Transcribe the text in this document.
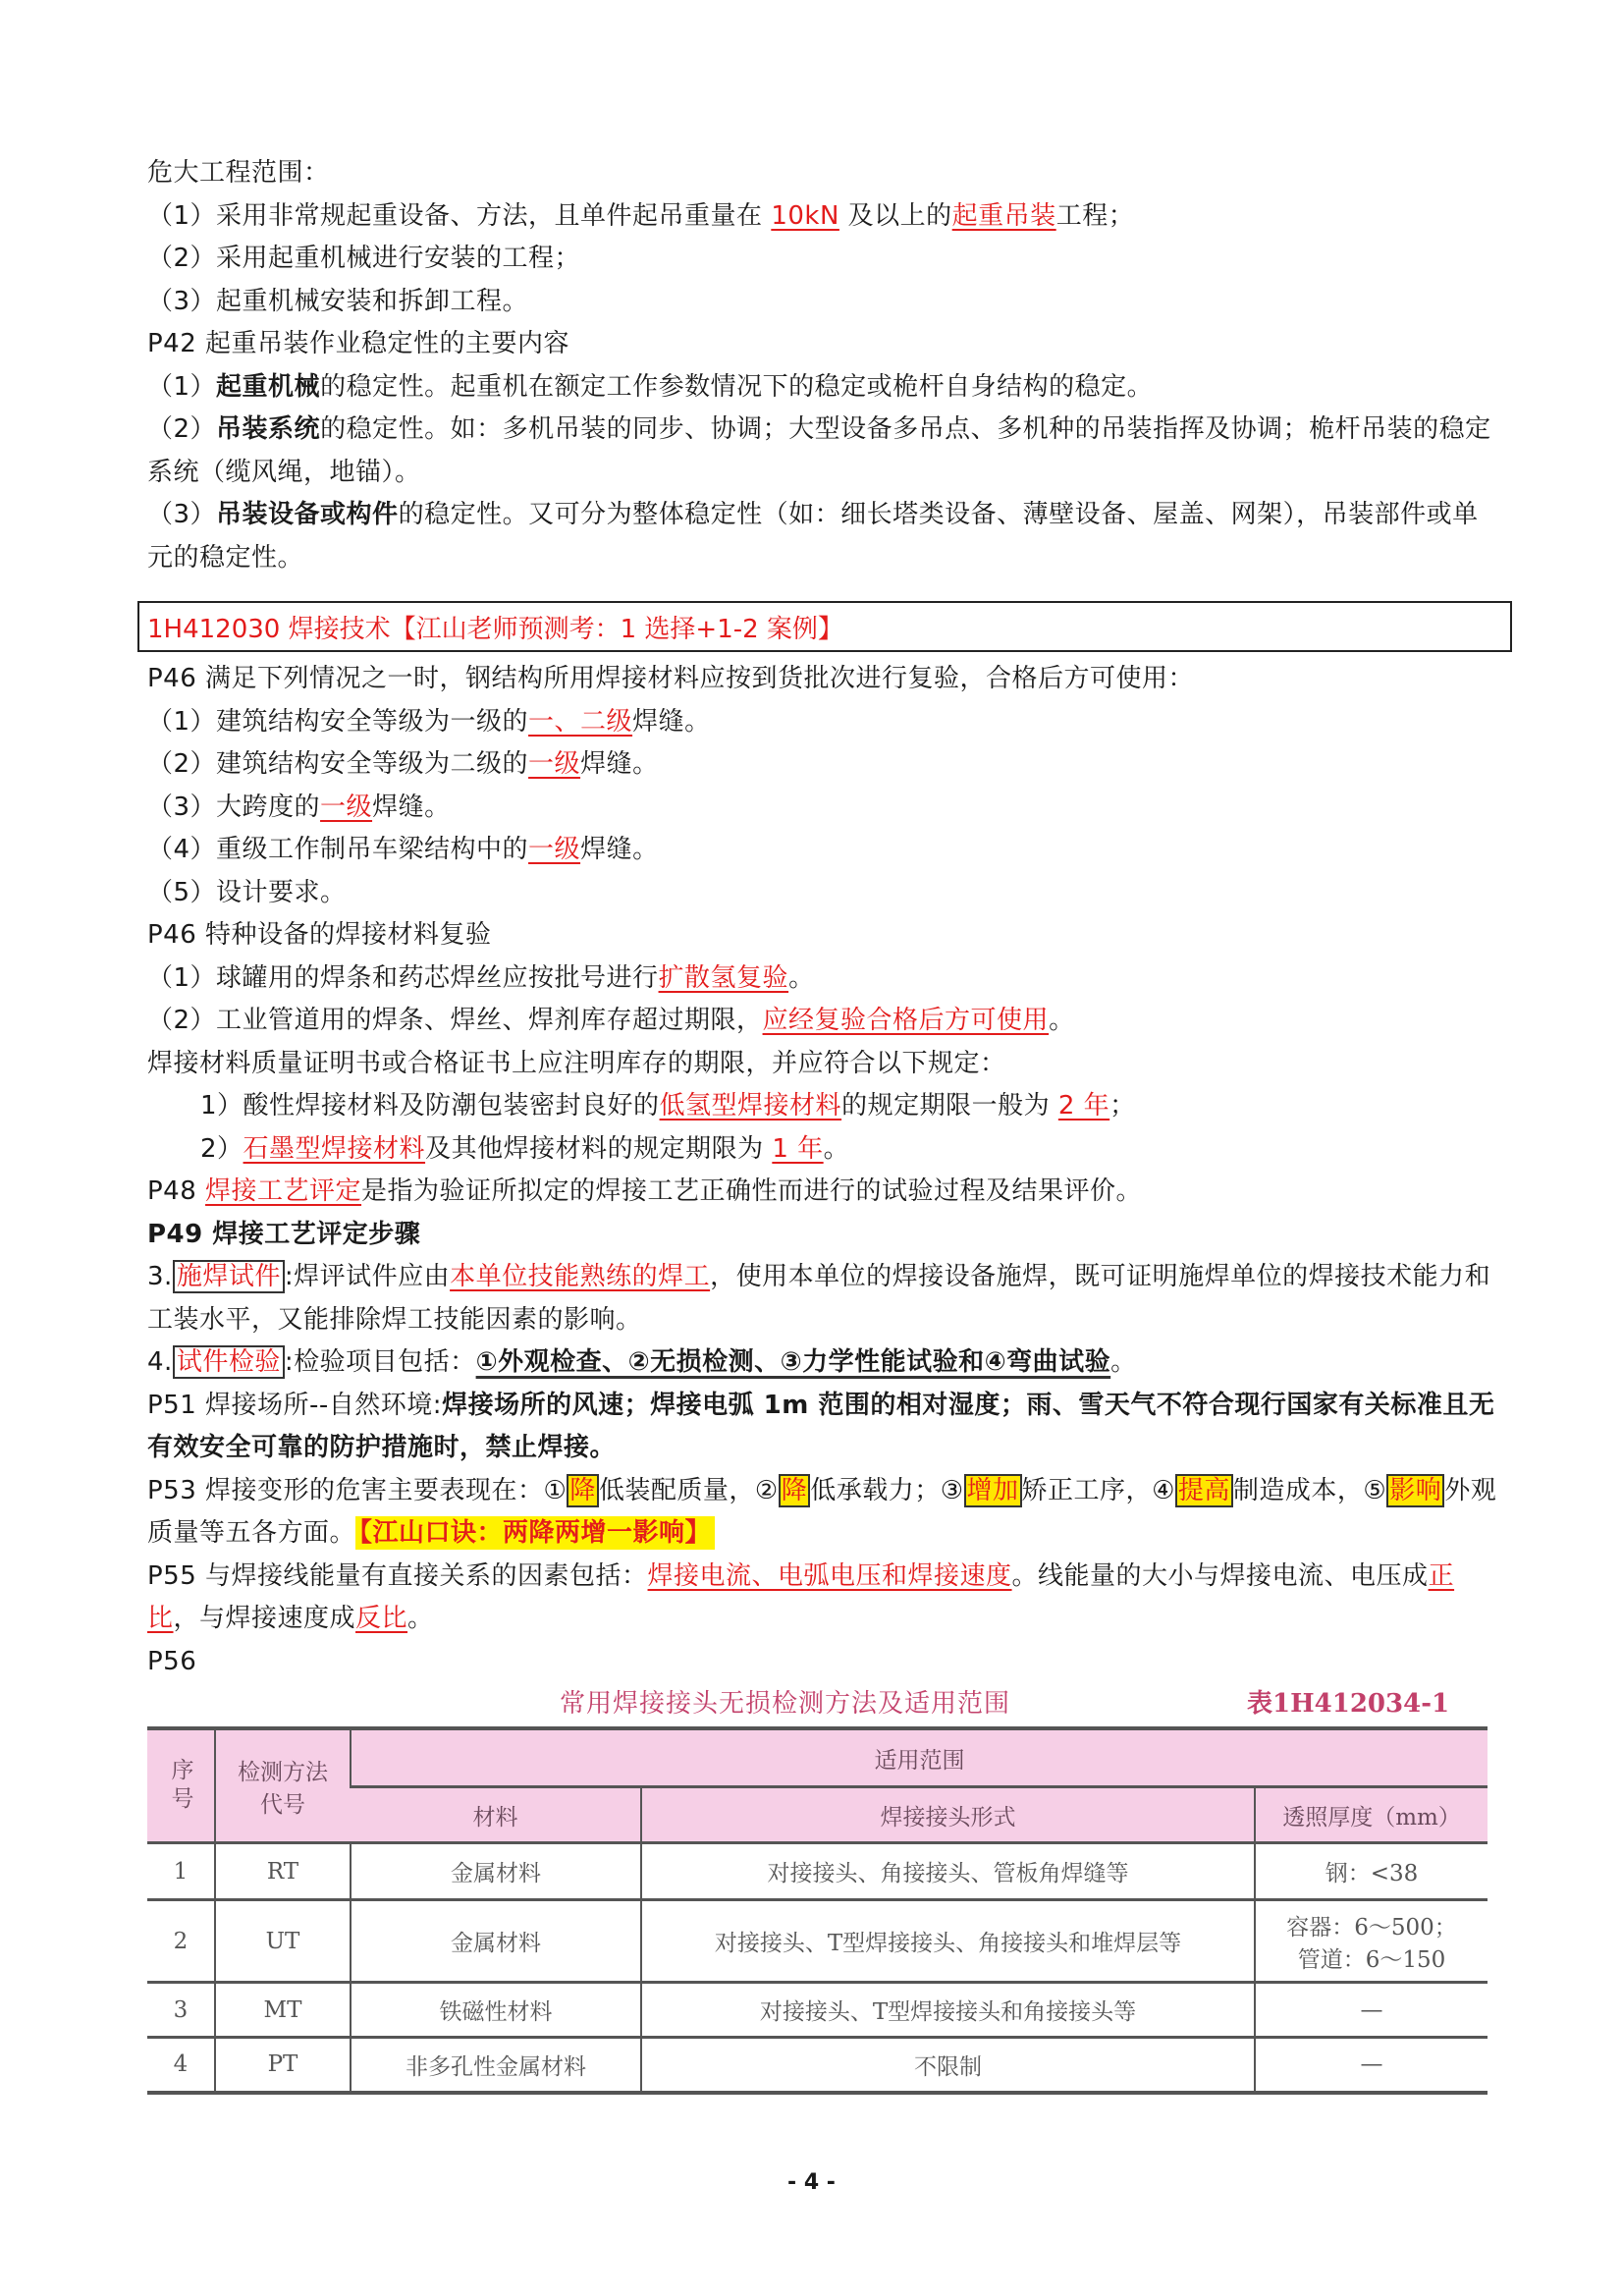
危大工程范围：
（1）采用非常规起重设备、方法，且单件起吊重量在 10kN 及以上的起重吊装工程；
（2）采用起重机械进行安装的工程；
（3）起重机械安装和拆卸工程。
P42 起重吊装作业稳定性的主要内容
（1）起重机械的稳定性。起重机在额定工作参数情况下的稳定或桅杆自身结构的稳定。
（2）吊装系统的稳定性。如：多机吊装的同步、协调；大型设备多吊点、多机种的吊装指挥及协调；桅杆吊装的稳定系统（缆风绳，地锚）。
（3）吊装设备或构件的稳定性。又可分为整体稳定性（如：细长塔类设备、薄壁设备、屋盖、网架），吊装部件或单元的稳定性。
1H412030 焊接技术【江山老师预测考：1 选择+1-2 案例】
P46 满足下列情况之一时，钢结构所用焊接材料应按到货批次进行复验，合格后方可使用：
（1）建筑结构安全等级为一级的一、二级焊缝。
（2）建筑结构安全等级为二级的一级焊缝。
（3）大跨度的一级焊缝。
（4）重级工作制吊车梁结构中的一级焊缝。
（5）设计要求。
P46 特种设备的焊接材料复验
（1）球罐用的焊条和药芯焊丝应按批号进行扩散氢复验。
（2）工业管道用的焊条、焊丝、焊剂库存超过期限，应经复验合格后方可使用。
焊接材料质量证明书或合格证书上应注明库存的期限，并应符合以下规定：
1）酸性焊接材料及防潮包装密封良好的低氢型焊接材料的规定期限一般为 2 年；
2）石墨型焊接材料及其他焊接材料的规定期限为 1 年。
P48 焊接工艺评定是指为验证所拟定的焊接工艺正确性而进行的试验过程及结果评价。
P49 焊接工艺评定步骤
3. 施焊试件 :焊评试件应由本单位技能熟练的焊工，使用本单位的焊接设备施焊，既可证明施焊单位的焊接技术能力和工装水平，又能排除焊工技能因素的影响。
4. 试件检验 :检验项目包括：①外观检查、②无损检测、③力学性能试验和④弯曲试验。
P51 焊接场所--自然环境:焊接场所的风速；焊接电弧 1m 范围的相对湿度；雨、雪天气不符合现行国家有关标准且无有效安全可靠的防护措施时，禁止焊接。
P53 焊接变形的危害主要表现在：① 降 低装配质量，② 降 低承载力；③ 增加 矫正工序，④ 提高 制造成本，⑤ 影响 外观质量等五各方面。 【江山口诀：两降两增一影响】
P55 与焊接线能量有直接关系的因素包括：焊接电流、电弧电压和焊接速度。线能量的大小与焊接电流、电压成正比，与焊接速度成反比。
P56
常用焊接接头无损检测方法及适用范围	表1H412034-1
序号	检测方法代号	适用范围		
		材料	焊接接头形式	透照厚度（mm）
1	RT	金属材料	对接接头、角接接头、管板角焊缝等	钢：<38
2	UT	金属材料	对接接头、T型焊接接头、角接接头和堆焊层等	容器：6～500；
管道：6～150

3	MT	铁磁性材料	对接接头、T型焊接接头和角接接头等	—
4	PT	非多孔性金属材料	不限制	—
- 4 -
